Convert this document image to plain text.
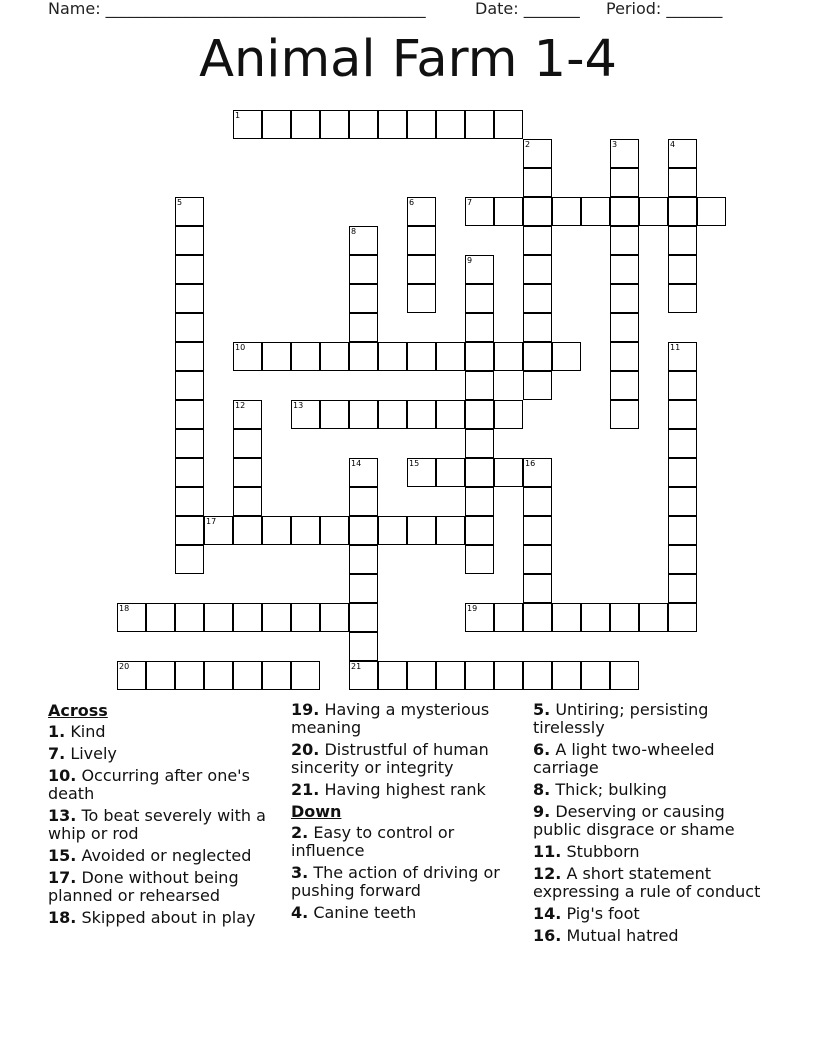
Name: ________________________________________	Date: _______ Period: _______
Animal Farm 1-4
1
2	3	4
5	6	7
8
9
10	11
12	13
14	15	16
17
18	19
20	21
Across
1. Kind
7. Lively
10. Occurring after one's death
13. To beat severely with a whip or rod
15. Avoided or neglected
17. Done without being planned or rehearsed
18. Skipped about in play
19. Having a mysterious meaning
20. Distrustful of human sincerity or integrity
21. Having highest rank
Down
2. Easy to control or influence
3. The action of driving or pushing forward
4. Canine teeth
5. Untiring; persisting tirelessly
6. A light two-wheeled carriage
8. Thick; bulking
9. Deserving or causing public disgrace or shame
11. Stubborn
12. A short statement expressing a rule of conduct
14. Pig's foot
16. Mutual hatred
